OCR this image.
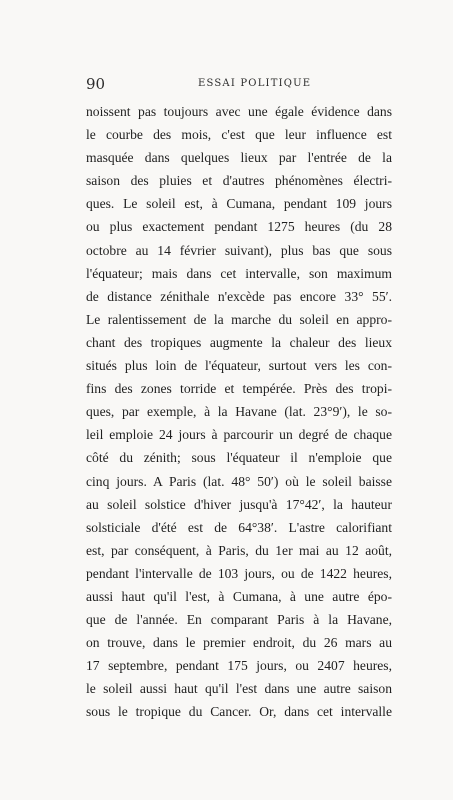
90	ESSAI POLITIQUE
noissent pas toujours avec une égale évidence dans
le courbe des mois, c'est que leur influence est
masquée dans quelques lieux par l'entrée de la
saison des pluies et d'autres phénomènes électri-
ques. Le soleil est, à Cumana, pendant 109 jours
ou plus exactement pendant 1275 heures (du 28
octobre au 14 février suivant), plus bas que sous
l'équateur; mais dans cet intervalle, son maximum
de distance zénithale n'excède pas encore 33° 55′.
Le ralentissement de la marche du soleil en appro-
chant des tropiques augmente la chaleur des lieux
situés plus loin de l'équateur, surtout vers les con-
fins des zones torride et tempérée. Près des tropi-
ques, par exemple, à la Havane (lat. 23°9′), le so-
leil emploie 24 jours à parcourir un degré de chaque
côté du zénith; sous l'équateur il n'emploie que
cinq jours. A Paris (lat. 48° 50′) où le soleil baisse
au soleil solstice d'hiver jusqu'à 17°42′, la hauteur
solsticiale d'été est de 64°38′. L'astre calorifiant
est, par conséquent, à Paris, du 1er mai au 12 août,
pendant l'intervalle de 103 jours, ou de 1422 heures,
aussi haut qu'il l'est, à Cumana, à une autre épo-
que de l'année. En comparant Paris à la Havane,
on trouve, dans le premier endroit, du 26 mars au
17 septembre, pendant 175 jours, ou 2407 heures,
le soleil aussi haut qu'il l'est dans une autre saison
sous le tropique du Cancer. Or, dans cet intervalle
